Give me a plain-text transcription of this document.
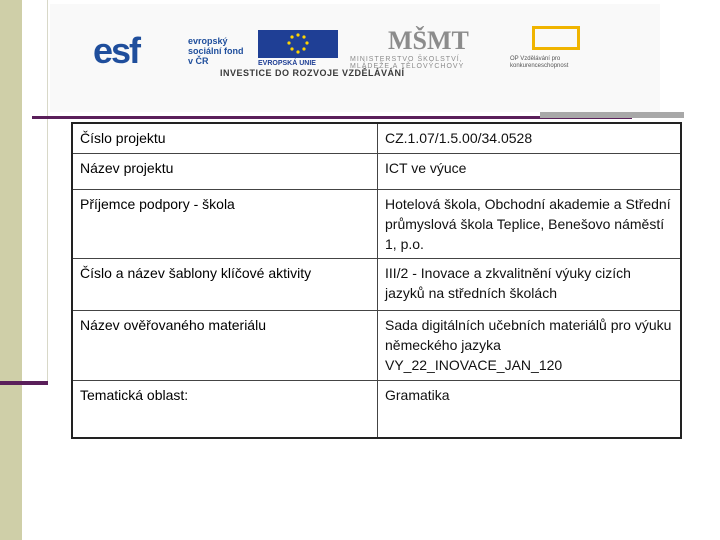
esf	evropský sociální fond v ČR	EVROPSKÁ UNIE
MŠMT
MINISTERSTVO ŠKOLSTVÍ, MLÁDEŽE A TĚLOVÝCHOVY
OP Vzdělávání pro konkurenceschopnost
INVESTICE DO ROZVOJE VZDĚLÁVÁNÍ
Číslo projektu	CZ.1.07/1.5.00/34.0528
Název projektu	ICT ve výuce
Příjemce podpory - škola	Hotelová škola, Obchodní akademie a Střední průmyslová škola Teplice, Benešovo náměstí 1, p.o.
Číslo a název šablony klíčové aktivity	III/2 - Inovace a zkvalitnění výuky cizích jazyků na středních školách
Název ověřovaného materiálu	Sada digitálních učebních materiálů pro výuku německého jazyka VY_22_INOVACE_JAN_120
Tematická oblast:	Gramatika
